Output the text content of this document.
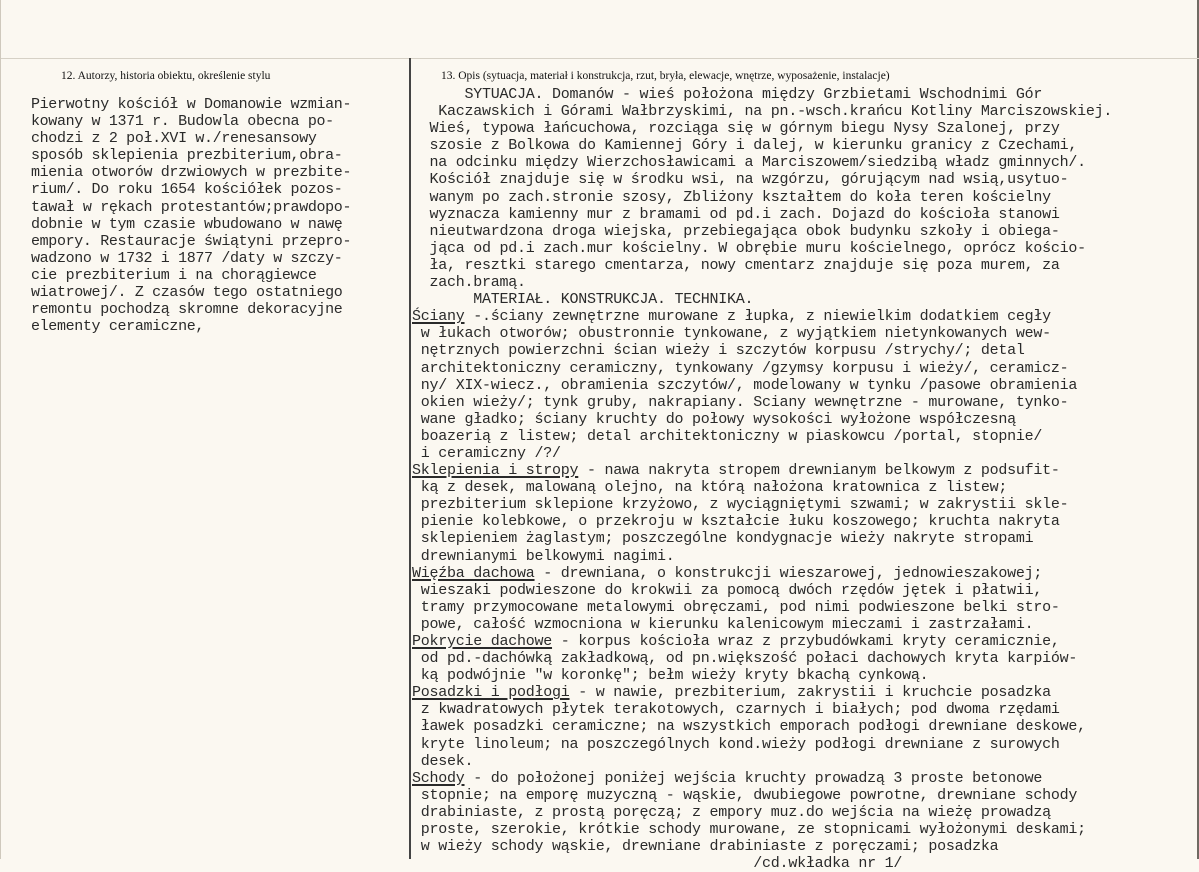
12. Autorzy, historia obiektu, określenie stylu	13. Opis (sytuacja, materiał i konstrukcja, rzut, bryła, elewacje, wnętrze, wyposażenie, instalacje)
Pierwotny kościół w Domanowie wzmian-
kowany w 1371 r. Budowla obecna po-
chodzi z 2 poł.XVI w./renesansowy
sposób sklepienia prezbiterium,obra-
mienia otworów drzwiowych w prezbite-
rium/. Do roku 1654 kościółek pozos-
tawał w rękach protestantów;prawdopo-
dobnie w tym czasie wbudowano w nawę
empory. Restauracje świątyni przepro-
wadzono w 1732 i 1877 /daty w szczy-
cie prezbiterium i na chorągiewce
wiatrowej/. Z czasów tego ostatniego
remontu pochodzą skromne dekoracyjne
elementy ceramiczne,
SYTUACJA. Domanów - wieś położona między Grzbietami Wschodnimi Gór
Kaczawskich i Górami Wałbrzyskimi, na pn.-wsch.krańcu Kotliny Marciszowskiej.
Wieś, typowa łańcuchowa, rozciąga się w górnym biegu Nysy Szalonej, przy
szosie z Bolkowa do Kamiennej Góry i dalej, w kierunku granicy z Czechami,
na odcinku między Wierzchosławicami a Marciszowem/siedzibą władz gminnych/.
Kościół znajduje się w środku wsi, na wzgórzu, górującym nad wsią,usytuo-
wanym po zach.stronie szosy, Zbliżony kształtem do koła teren kościelny
wyznacza kamienny mur z bramami od pd.i zach. Dojazd do kościoła stanowi
nieutwardzona droga wiejska, przebiegająca obok budynku szkoły i obiega-
jąca od pd.i zach.mur kościelny. W obrębie muru kościelnego, oprócz kościo-
ła, resztki starego cmentarza, nowy cmentarz znajduje się poza murem, za
zach.bramą.
MATERIAŁ. KONSTRUKCJA. TECHNIKA.
Ściany -.ściany zewnętrzne murowane z łupka, z niewielkim dodatkiem cegły
w łukach otworów; obustronnie tynkowane, z wyjątkiem nietynkowanych wew-
nętrznych powierzchni ścian wieży i szczytów korpusu /strychy/; detal
architektoniczny ceramiczny, tynkowany /gzymsy korpusu i wieży/, ceramicz-
ny/ XIX-wiecz., obramienia szczytów/, modelowany w tynku /pasowe obramienia
okien wieży/; tynk gruby, nakrapiany. Sciany wewnętrzne - murowane, tynko-
wane gładko; ściany kruchty do połowy wysokości wyłożone współczesną
boazerią z listew; detal architektoniczny w piaskowcu /portal, stopnie/
i ceramiczny /?/
Sklepienia i stropy - nawa nakryta stropem drewnianym belkowym z podsufit-
ką z desek, malowaną olejno, na którą nałożona kratownica z listew;
prezbiterium sklepione krzyżowo, z wyciągniętymi szwami; w zakrystii skle-
pienie kolebkowe, o przekroju w kształcie łuku koszowego; kruchta nakryta
sklepieniem żaglastym; poszczególne kondygnacje wieży nakryte stropami
drewnianymi belkowymi nagimi.
Więźba dachowa - drewniana, o konstrukcji wieszarowej, jednowieszakowej;
wieszaki podwieszone do krokwii za pomocą dwóch rzędów jętek i płatwii,
tramy przymocowane metalowymi obręczami, pod nimi podwieszone belki stro-
powe, całość wzmocniona w kierunku kalenicowym mieczami i zastrzałami.
Pokrycie dachowe - korpus kościoła wraz z przybudówkami kryty ceramicznie,
od pd.-dachówką zakładkową, od pn.większość połaci dachowych kryta karpiów-
ką podwójnie "w koronkę"; bełm wieży kryty bkachą cynkową.
Posadzki i podłogi - w nawie, prezbiterium, zakrystii i kruchcie posadzka
z kwadratowych płytek terakotowych, czarnych i białych; pod dwoma rzędami
ławek posadzki ceramiczne; na wszystkich emporach podłogi drewniane deskowe,
kryte linoleum; na poszczególnych kond.wieży podłogi drewniane z surowych
desek.
Schody - do położonej poniżej wejścia kruchty prowadzą 3 proste betonowe
stopnie; na emporę muzyczną - wąskie, dwubiegowe powrotne, drewniane schody
drabiniaste, z prostą poręczą; z empory muz.do wejścia na wieżę prowadzą
proste, szerokie, krótkie schody murowane, ze stopnicami wyłożonymi deskami;
w wieży schody wąskie, drewniane drabiniaste z poręczami; posadzka
/cd.wkładka nr 1/
